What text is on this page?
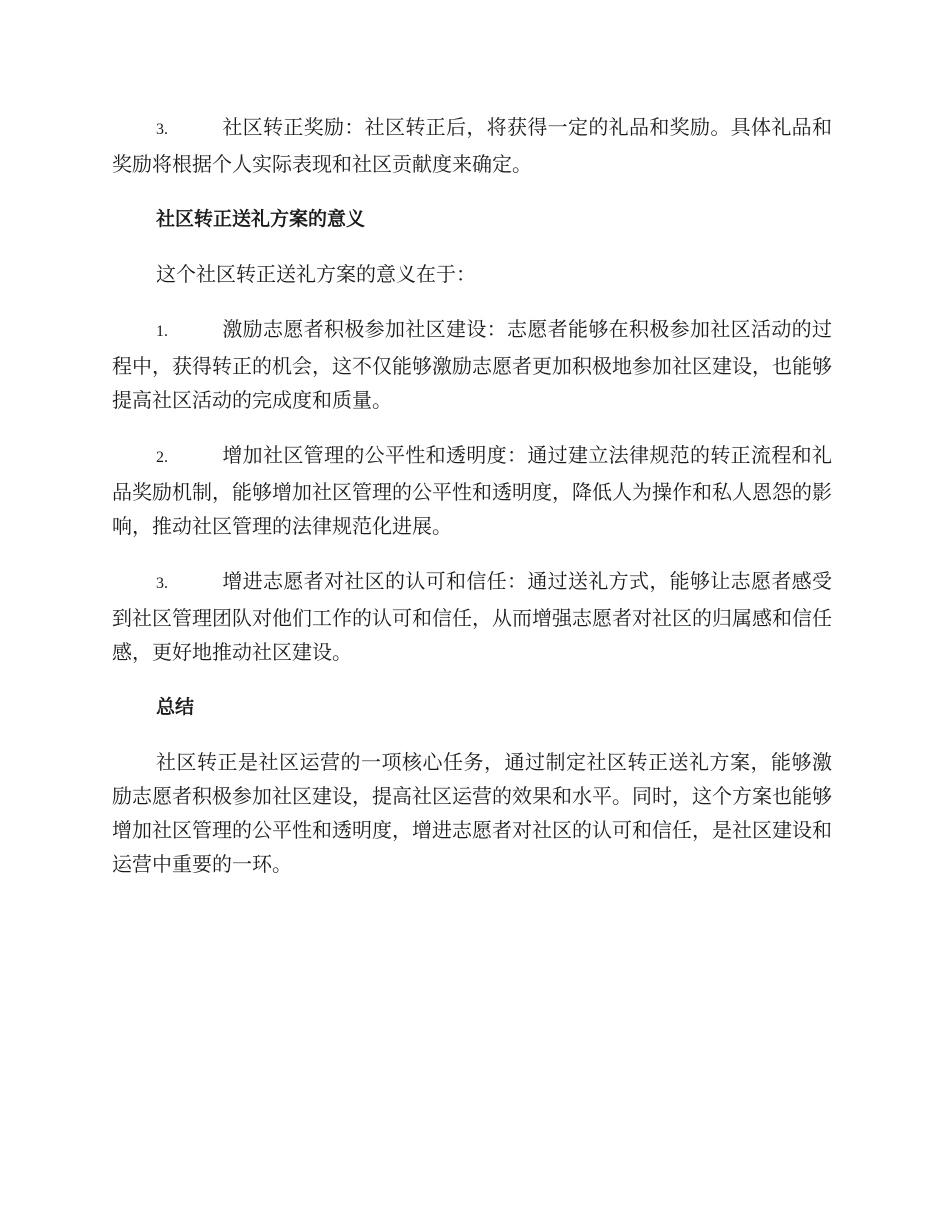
3.	社区转正奖励：社区转正后，将获得一定的礼品和奖励。具体礼品和奖励将根据个人实际表现和社区贡献度来确定。

社区转正送礼方案的意义

这个社区转正送礼方案的意义在于：

1.	激励志愿者积极参加社区建设：志愿者能够在积极参加社区活动的过程中，获得转正的机会，这不仅能够激励志愿者更加积极地参加社区建设，也能够提高社区活动的完成度和质量。

2.	增加社区管理的公平性和透明度：通过建立法律规范的转正流程和礼品奖励机制，能够增加社区管理的公平性和透明度，降低人为操作和私人恩怨的影响，推动社区管理的法律规范化进展。

3.	增进志愿者对社区的认可和信任：通过送礼方式，能够让志愿者感受到社区管理团队对他们工作的认可和信任，从而增强志愿者对社区的归属感和信任感，更好地推动社区建设。

总结

社区转正是社区运营的一项核心任务，通过制定社区转正送礼方案，能够激励志愿者积极参加社区建设，提高社区运营的效果和水平。同时，这个方案也能够增加社区管理的公平性和透明度，增进志愿者对社区的认可和信任，是社区建设和运营中重要的一环。
